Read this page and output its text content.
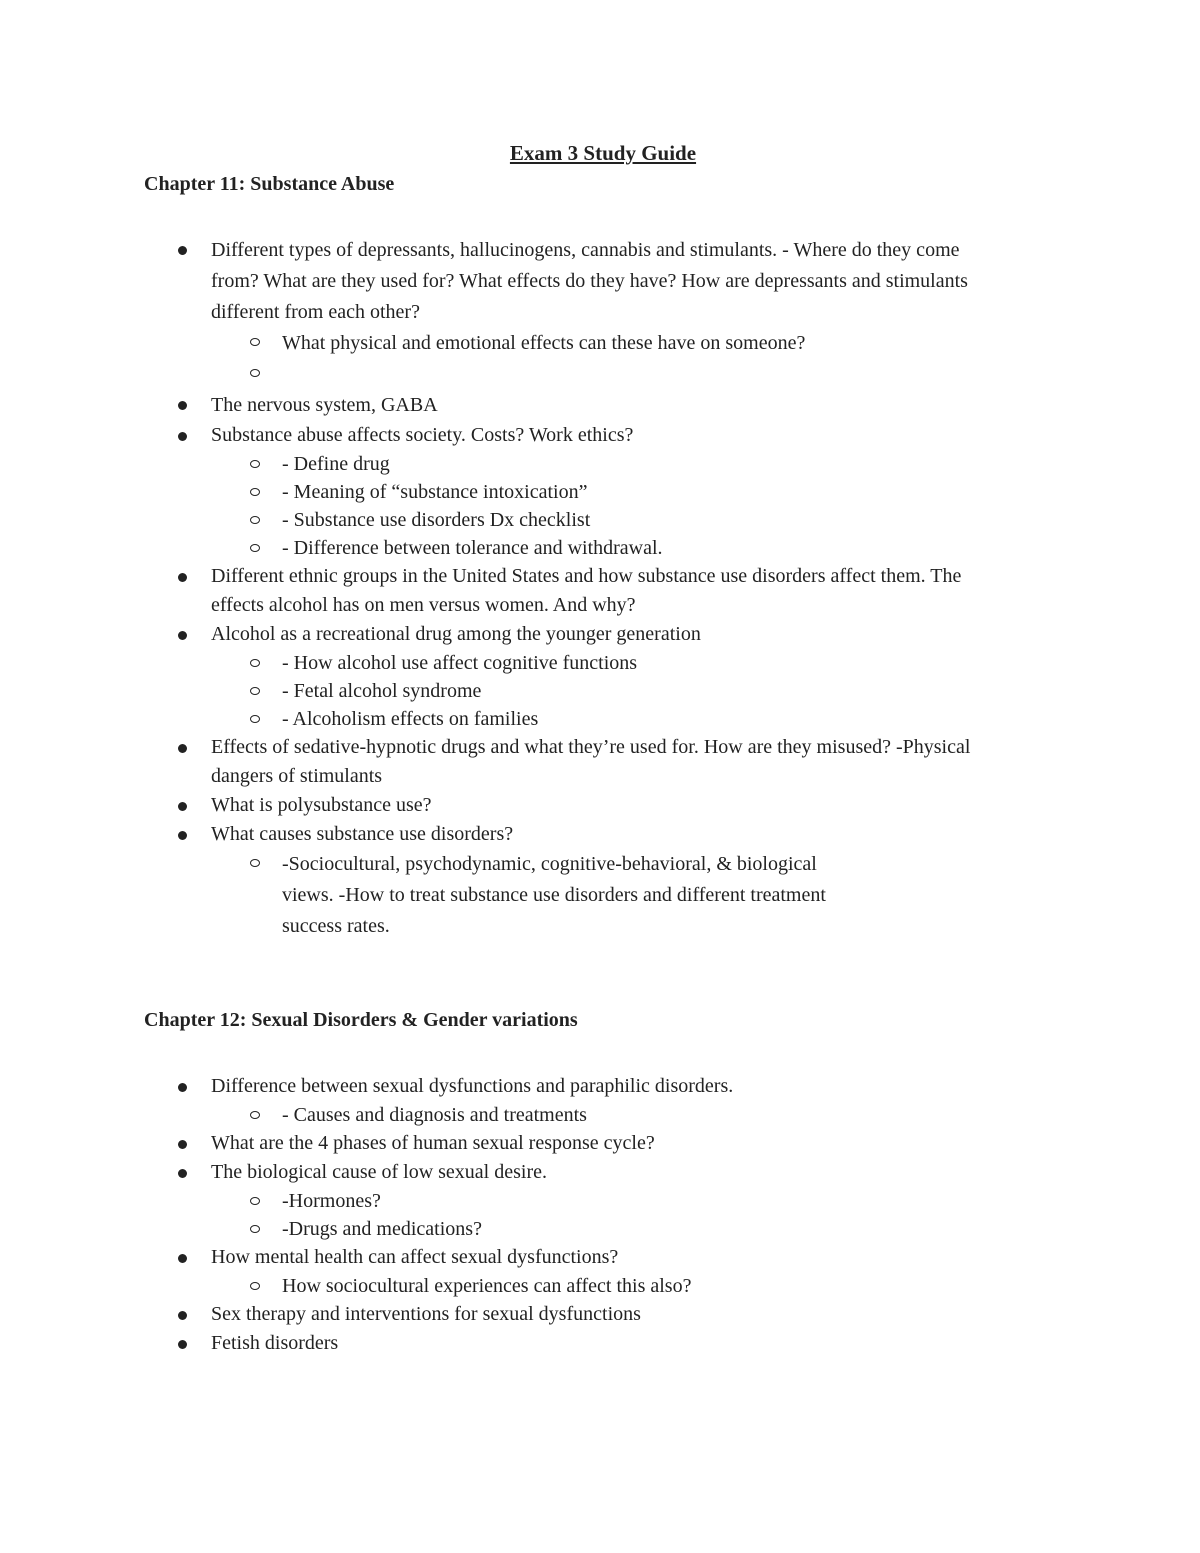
Exam 3 Study Guide
Chapter 11: Substance Abuse
Different types of depressants, hallucinogens, cannabis and stimulants. - Where do they come from? What are they used for? What effects do they have? How are depressants and stimulants different from each other?
What physical and emotional effects can these have on someone?

The nervous system, GABA
Substance abuse affects society. Costs? Work ethics?
- Define drug
- Meaning of “substance intoxication”
- Substance use disorders Dx checklist
- Difference between tolerance and withdrawal.
Different ethnic groups in the United States and how substance use disorders affect them. The effects alcohol has on men versus women. And why?
Alcohol as a recreational drug among the younger generation
- How alcohol use affect cognitive functions
- Fetal alcohol syndrome
- Alcoholism effects on families
Effects of sedative-hypnotic drugs and what they’re used for. How are they misused? -Physical dangers of stimulants
What is polysubstance use?
What causes substance use disorders?
-Sociocultural, psychodynamic, cognitive-behavioral, & biological views. -How to treat substance use disorders and different treatment success rates.
Chapter 12: Sexual Disorders & Gender variations
Difference between sexual dysfunctions and paraphilic disorders.
- Causes and diagnosis and treatments
What are the 4 phases of human sexual response cycle?
The biological cause of low sexual desire.
-Hormones?
-Drugs and medications?
How mental health can affect sexual dysfunctions?
How sociocultural experiences can affect this also?
Sex therapy and interventions for sexual dysfunctions
Fetish disorders
